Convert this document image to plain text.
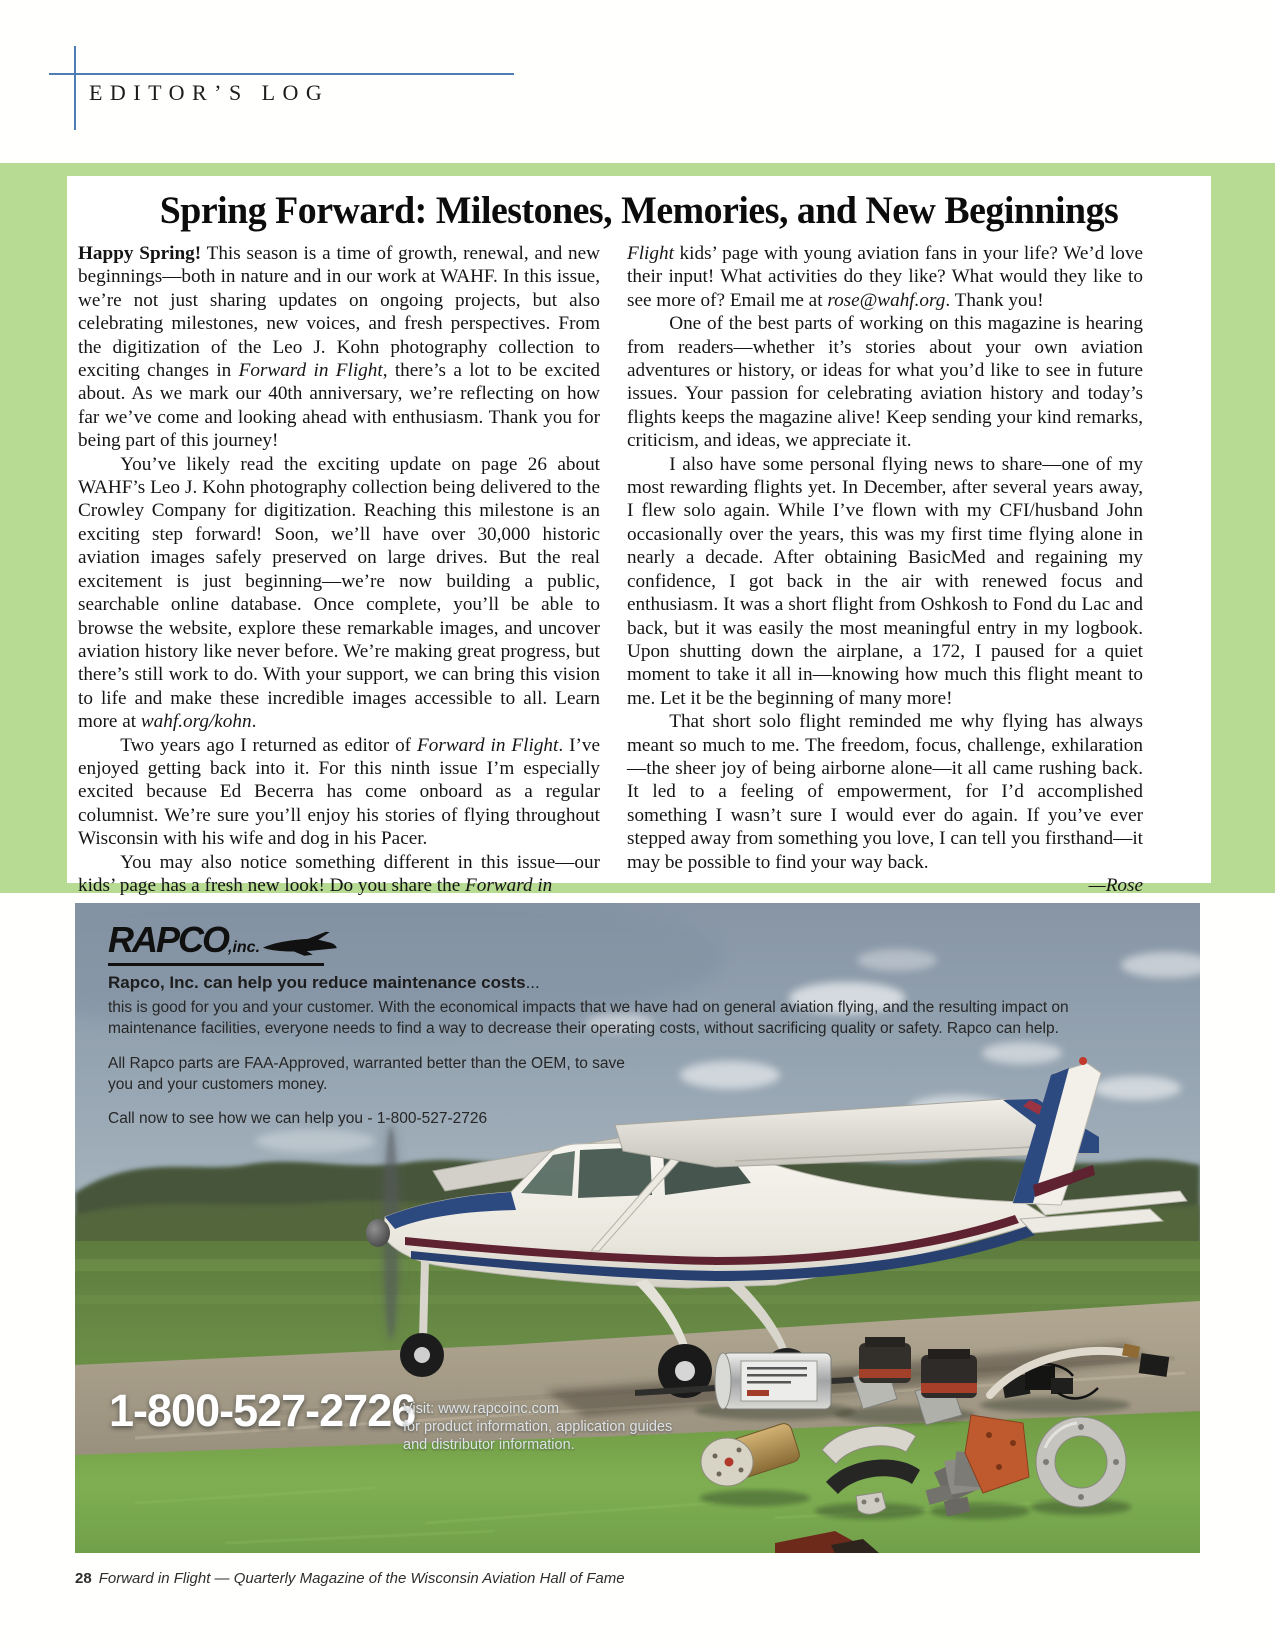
EDITOR’S LOG
Spring Forward: Milestones, Memories, and New Beginnings

Happy Spring! This season is a time of growth, renewal, and new beginnings—both in nature and in our work at WAHF. In this issue, we’re not just sharing updates on ongoing projects, but also celebrating milestones, new voices, and fresh perspectives. From the digitization of the Leo J. Kohn photography collection to exciting changes in Forward in Flight, there’s a lot to be excited about. As we mark our 40th anniversary, we’re reflecting on how far we’ve come and looking ahead with enthusiasm. Thank you for being part of this journey!

You’ve likely read the exciting update on page 26 about WAHF’s Leo J. Kohn photography collection being delivered to the Crowley Company for digitization. Reaching this milestone is an exciting step forward! Soon, we’ll have over 30,000 historic aviation images safely preserved on large drives. But the real excitement is just beginning—we’re now building a public, searchable online database. Once complete, you’ll be able to browse the website, explore these remarkable images, and uncover aviation history like never before. We’re making great progress, but there’s still work to do. With your support, we can bring this vision to life and make these incredible images accessible to all. Learn more at wahf.org/kohn.

Two years ago I returned as editor of Forward in Flight. I’ve enjoyed getting back into it. For this ninth issue I’m especially excited because Ed Becerra has come onboard as a regular columnist. We’re sure you’ll enjoy his stories of flying throughout Wisconsin with his wife and dog in his Pacer.

You may also notice something different in this issue—our kids’ page has a fresh new look! Do you share the Forward in

Flight kids’ page with young aviation fans in your life? We’d love their input! What activities do they like? What would they like to see more of? Email me at rose@wahf.org. Thank you!

One of the best parts of working on this magazine is hearing from readers—whether it’s stories about your own aviation adventures or history, or ideas for what you’d like to see in future issues. Your passion for celebrating aviation history and today’s flights keeps the magazine alive! Keep sending your kind remarks, criticism, and ideas, we appreciate it.

I also have some personal flying news to share—one of my most rewarding flights yet. In December, after several years away, I flew solo again. While I’ve flown with my CFI/husband John occasionally over the years, this was my first time flying alone in nearly a decade. After obtaining BasicMed and regaining my confidence, I got back in the air with renewed focus and enthusiasm. It was a short flight from Oshkosh to Fond du Lac and back, but it was easily the most meaningful entry in my logbook. Upon shutting down the airplane, a 172, I paused for a quiet moment to take it all in—knowing how much this flight meant to me. Let it be the beginning of many more!

That short solo flight reminded me why flying has always meant so much to me. The freedom, focus, challenge, exhilaration—the sheer joy of being airborne alone—it all came rushing back. It led to a feeling of empowerment, for I’d accomplished something I wasn’t sure I would ever do again. If you’ve ever stepped away from something you love, I can tell you firsthand—it may be possible to find your way back.

—Rose

RAPCO,inc.
Rapco, Inc. can help you reduce maintenance costs...
this is good for you and your customer. With the economical impacts that we have had on general aviation flying, and the resulting impact on maintenance facilities, everyone needs to find a way to decrease their operating costs, without sacrificing quality or safety. Rapco can help.
All Rapco parts are FAA-Approved, warranted better than the OEM, to save you and your customers money.
Call now to see how we can help you - 1-800-527-2726
1-800-527-2726
Visit: www.rapcoinc.com
for product information, application guides
and distributor information.
28 Forward in Flight — Quarterly Magazine of the Wisconsin Aviation Hall of Fame
